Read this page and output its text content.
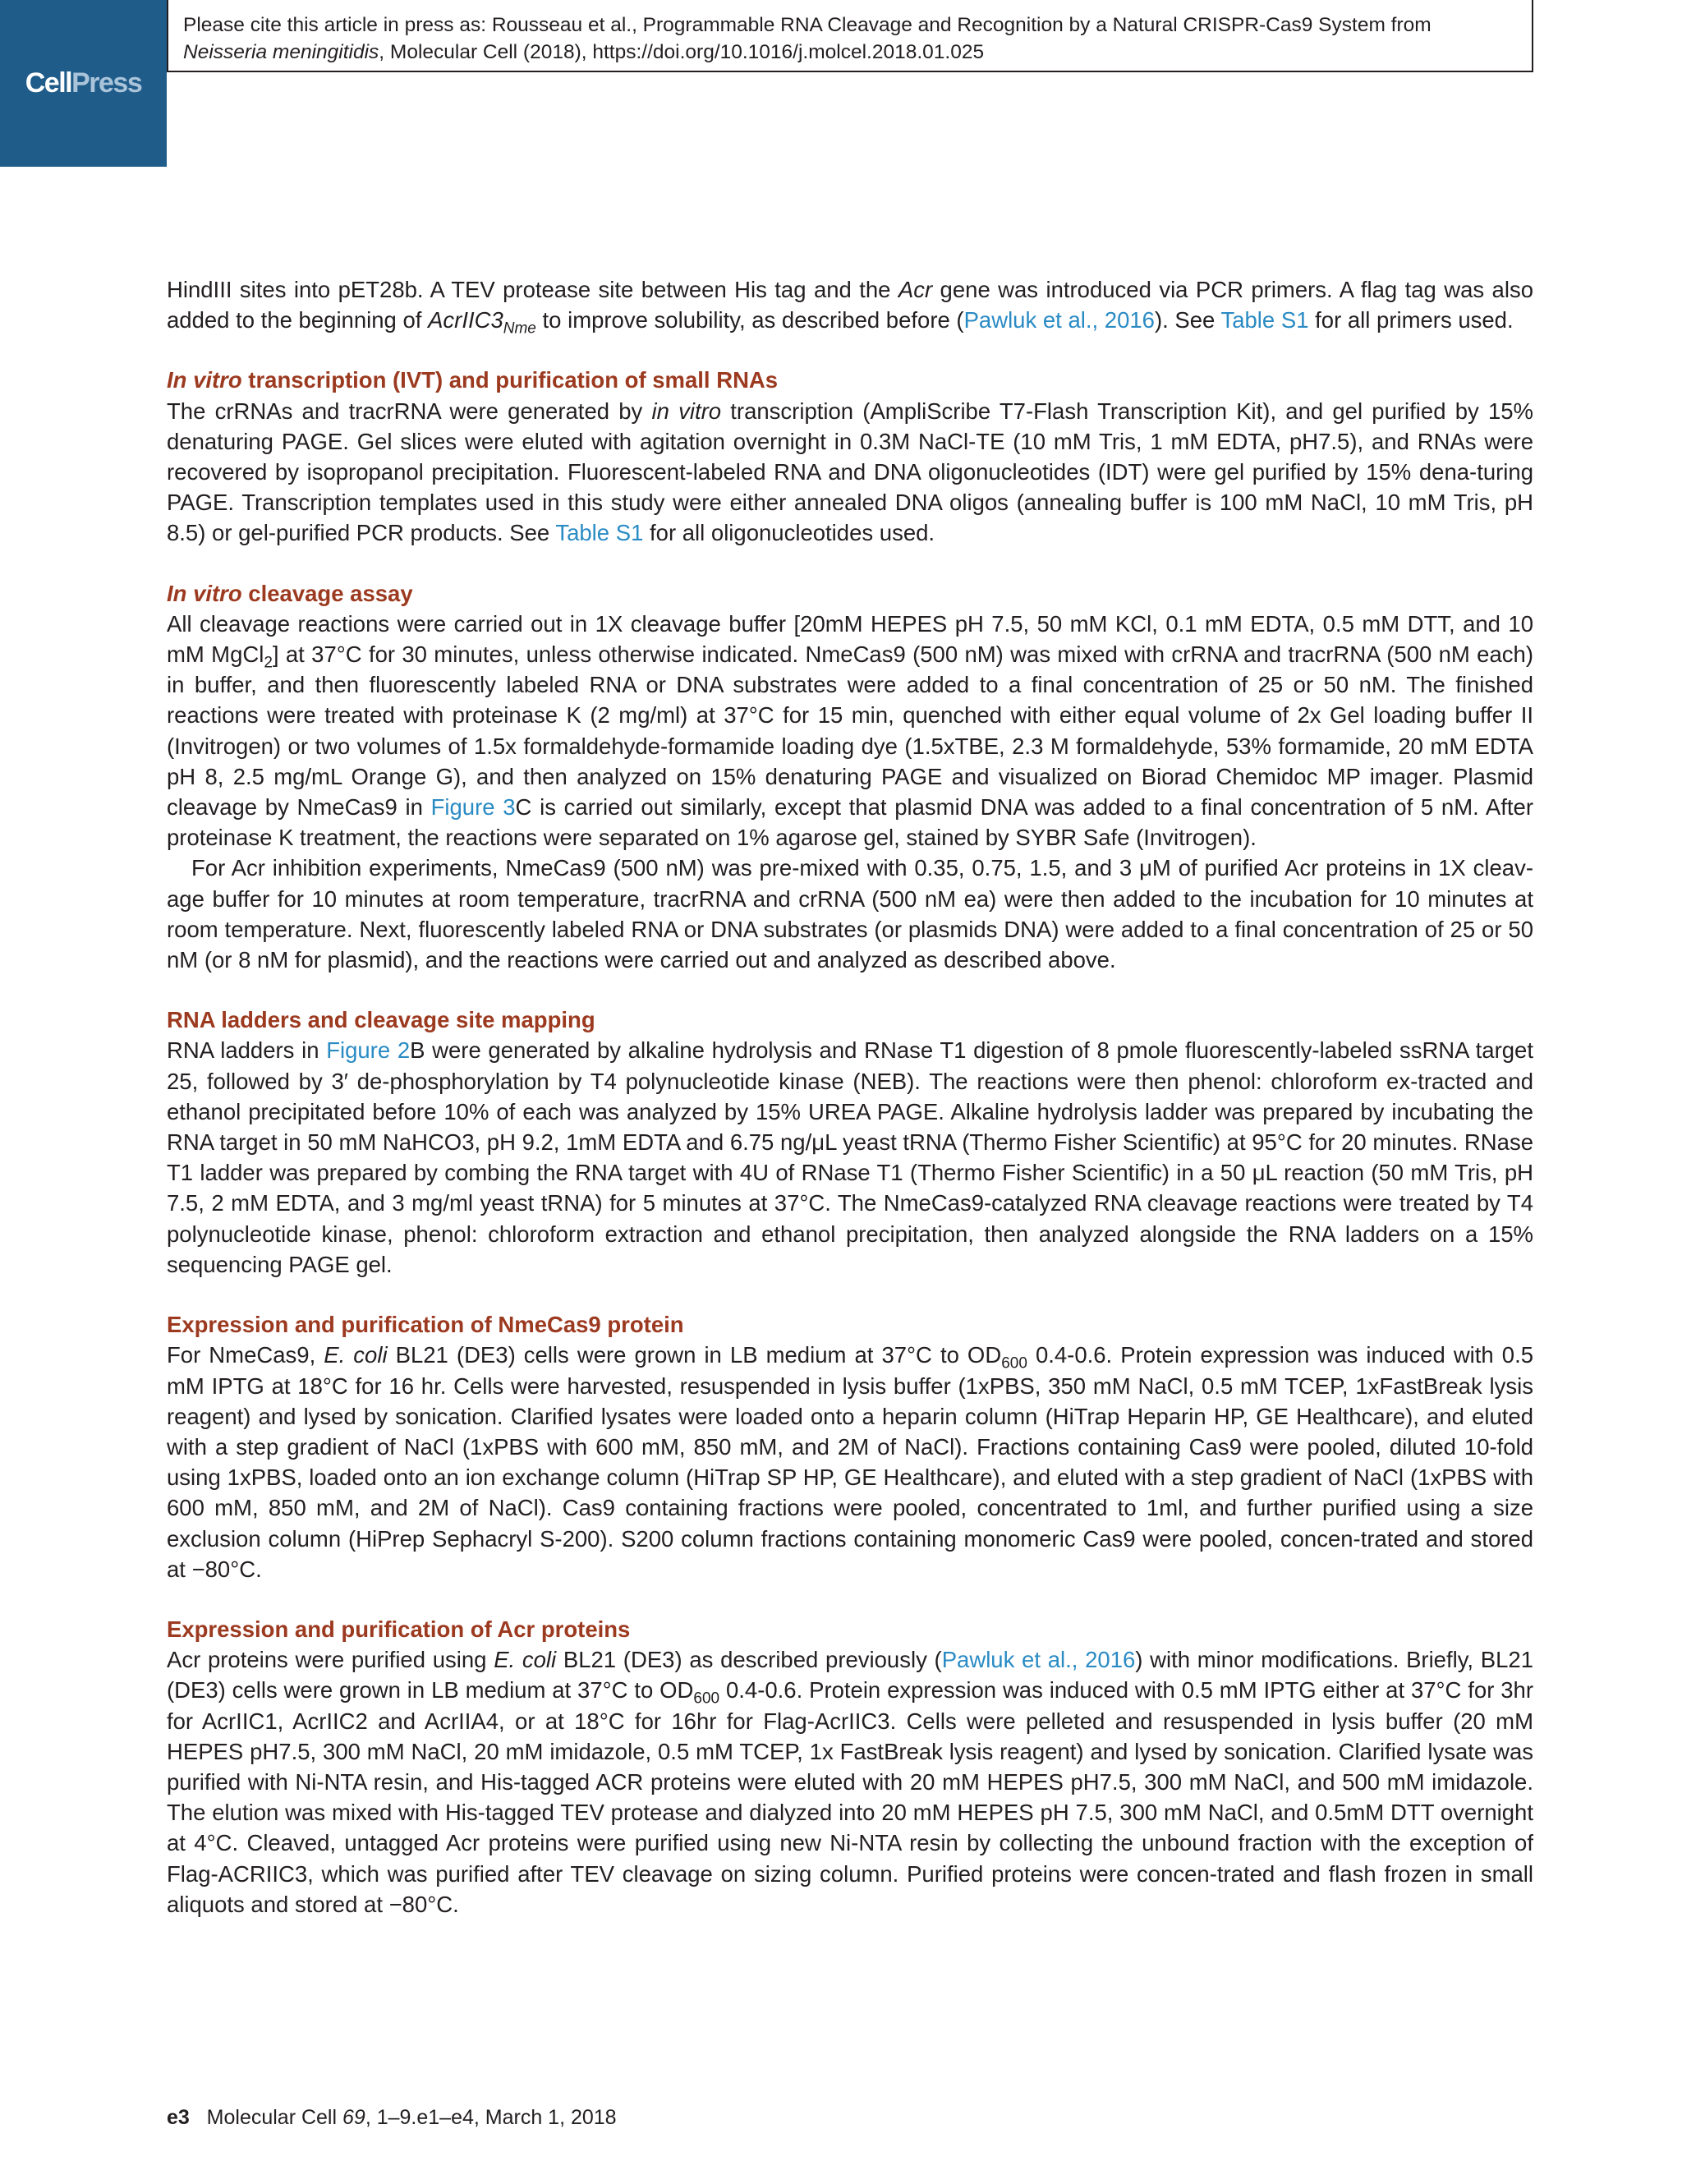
CellPress
Please cite this article in press as: Rousseau et al., Programmable RNA Cleavage and Recognition by a Natural CRISPR-Cas9 System from Neisseria meningitidis, Molecular Cell (2018), https://doi.org/10.1016/j.molcel.2018.01.025

HindIII sites into pET28b. A TEV protease site between His tag and the Acr gene was introduced via PCR primers. A flag tag was also added to the beginning of $AcrIIC3_{Nme}$ to improve solubility, as described before (Pawluk et al., 2016). See Table S1 for all primers used.

In vitro transcription (IVT) and purification of small RNAs

The crRNAs and tracrRNA were generated by in vitro transcription (AmpliScribe T7-Flash Transcription Kit), and gel purified by 15% denaturing PAGE. Gel slices were eluted with agitation overnight in 0.3M NaCl-TE (10 mM Tris, 1 mM EDTA, pH7.5), and RNAs were recovered by isopropanol precipitation. Fluorescent-labeled RNA and DNA oligonucleotides (IDT) were gel purified by 15% dena-turing PAGE. Transcription templates used in this study were either annealed DNA oligos (annealing buffer is 100 mM NaCl, 10 mM Tris, pH 8.5) or gel-purified PCR products. See Table S1 for all oligonucleotides used.

In vitro cleavage assay

All cleavage reactions were carried out in 1X cleavage buffer [20mM HEPES pH 7.5, 50 mM KCl, 0.1 mM EDTA, 0.5 mM DTT, and 10 mM MgCl$_2$] at 37°C for 30 minutes, unless otherwise indicated. NmeCas9 (500 nM) was mixed with crRNA and tracrRNA (500 nM each) in buffer, and then fluorescently labeled RNA or DNA substrates were added to a final concentration of 25 or 50 nM. The finished reactions were treated with proteinase K (2 mg/ml) at 37°C for 15 min, quenched with either equal volume of 2x Gel loading buffer II (Invitrogen) or two volumes of 1.5x formaldehyde-formamide loading dye (1.5xTBE, 2.3 M formaldehyde, 53% formamide, 20 mM EDTA pH 8, 2.5 mg/mL Orange G), and then analyzed on 15% denaturing PAGE and visualized on Biorad Chemidoc MP imager. Plasmid cleavage by NmeCas9 in Figure 3C is carried out similarly, except that plasmid DNA was added to a final concentration of 5 nM. After proteinase K treatment, the reactions were separated on 1% agarose gel, stained by SYBR Safe (Invitrogen).

For Acr inhibition experiments, NmeCas9 (500 nM) was pre-mixed with 0.35, 0.75, 1.5, and 3 μM of purified Acr proteins in 1X cleav-age buffer for 10 minutes at room temperature, tracrRNA and crRNA (500 nM ea) were then added to the incubation for 10 minutes at room temperature. Next, fluorescently labeled RNA or DNA substrates (or plasmids DNA) were added to a final concentration of 25 or 50 nM (or 8 nM for plasmid), and the reactions were carried out and analyzed as described above.

RNA ladders and cleavage site mapping

RNA ladders in Figure 2B were generated by alkaline hydrolysis and RNase T1 digestion of 8 pmole fluorescently-labeled ssRNA target 25, followed by 3′ de-phosphorylation by T4 polynucleotide kinase (NEB). The reactions were then phenol: chloroform ex-tracted and ethanol precipitated before 10% of each was analyzed by 15% UREA PAGE. Alkaline hydrolysis ladder was prepared by incubating the RNA target in 50 mM NaHCO3, pH 9.2, 1mM EDTA and 6.75 ng/μL yeast tRNA (Thermo Fisher Scientific) at 95°C for 20 minutes. RNase T1 ladder was prepared by combing the RNA target with 4U of RNase T1 (Thermo Fisher Scientific) in a 50 μL reaction (50 mM Tris, pH 7.5, 2 mM EDTA, and 3 mg/ml yeast tRNA) for 5 minutes at 37°C. The NmeCas9-catalyzed RNA cleavage reactions were treated by T4 polynucleotide kinase, phenol: chloroform extraction and ethanol precipitation, then analyzed alongside the RNA ladders on a 15% sequencing PAGE gel.

Expression and purification of NmeCas9 protein

For NmeCas9, E. coli BL21 (DE3) cells were grown in LB medium at 37°C to $OD_{600}$ 0.4-0.6. Protein expression was induced with 0.5 mM IPTG at 18°C for 16 hr. Cells were harvested, resuspended in lysis buffer (1xPBS, 350 mM NaCl, 0.5 mM TCEP, 1xFastBreak lysis reagent) and lysed by sonication. Clarified lysates were loaded onto a heparin column (HiTrap Heparin HP, GE Healthcare), and eluted with a step gradient of NaCl (1xPBS with 600 mM, 850 mM, and 2M of NaCl). Fractions containing Cas9 were pooled, diluted 10-fold using 1xPBS, loaded onto an ion exchange column (HiTrap SP HP, GE Healthcare), and eluted with a step gradient of NaCl (1xPBS with 600 mM, 850 mM, and 2M of NaCl). Cas9 containing fractions were pooled, concentrated to 1ml, and further purified using a size exclusion column (HiPrep Sephacryl S-200). S200 column fractions containing monomeric Cas9 were pooled, concen-trated and stored at −80°C.

Expression and purification of Acr proteins

Acr proteins were purified using E. coli BL21 (DE3) as described previously (Pawluk et al., 2016) with minor modifications. Briefly, BL21 (DE3) cells were grown in LB medium at 37°C to $OD_{600}$ 0.4-0.6. Protein expression was induced with 0.5 mM IPTG either at 37°C for 3hr for AcrIIC1, AcrIIC2 and AcrIIA4, or at 18°C for 16hr for Flag-AcrIIC3. Cells were pelleted and resuspended in lysis buffer (20 mM HEPES pH7.5, 300 mM NaCl, 20 mM imidazole, 0.5 mM TCEP, 1x FastBreak lysis reagent) and lysed by sonication. Clarified lysate was purified with Ni-NTA resin, and His-tagged ACR proteins were eluted with 20 mM HEPES pH7.5, 300 mM NaCl, and 500 mM imidazole. The elution was mixed with His-tagged TEV protease and dialyzed into 20 mM HEPES pH 7.5, 300 mM NaCl, and 0.5mM DTT overnight at 4°C. Cleaved, untagged Acr proteins were purified using new Ni-NTA resin by collecting the unbound fraction with the exception of Flag-ACRIIC3, which was purified after TEV cleavage on sizing column. Purified proteins were concen-trated and flash frozen in small aliquots and stored at −80°C.

e3 Molecular Cell 69, 1–9.e1–e4, March 1, 2018
